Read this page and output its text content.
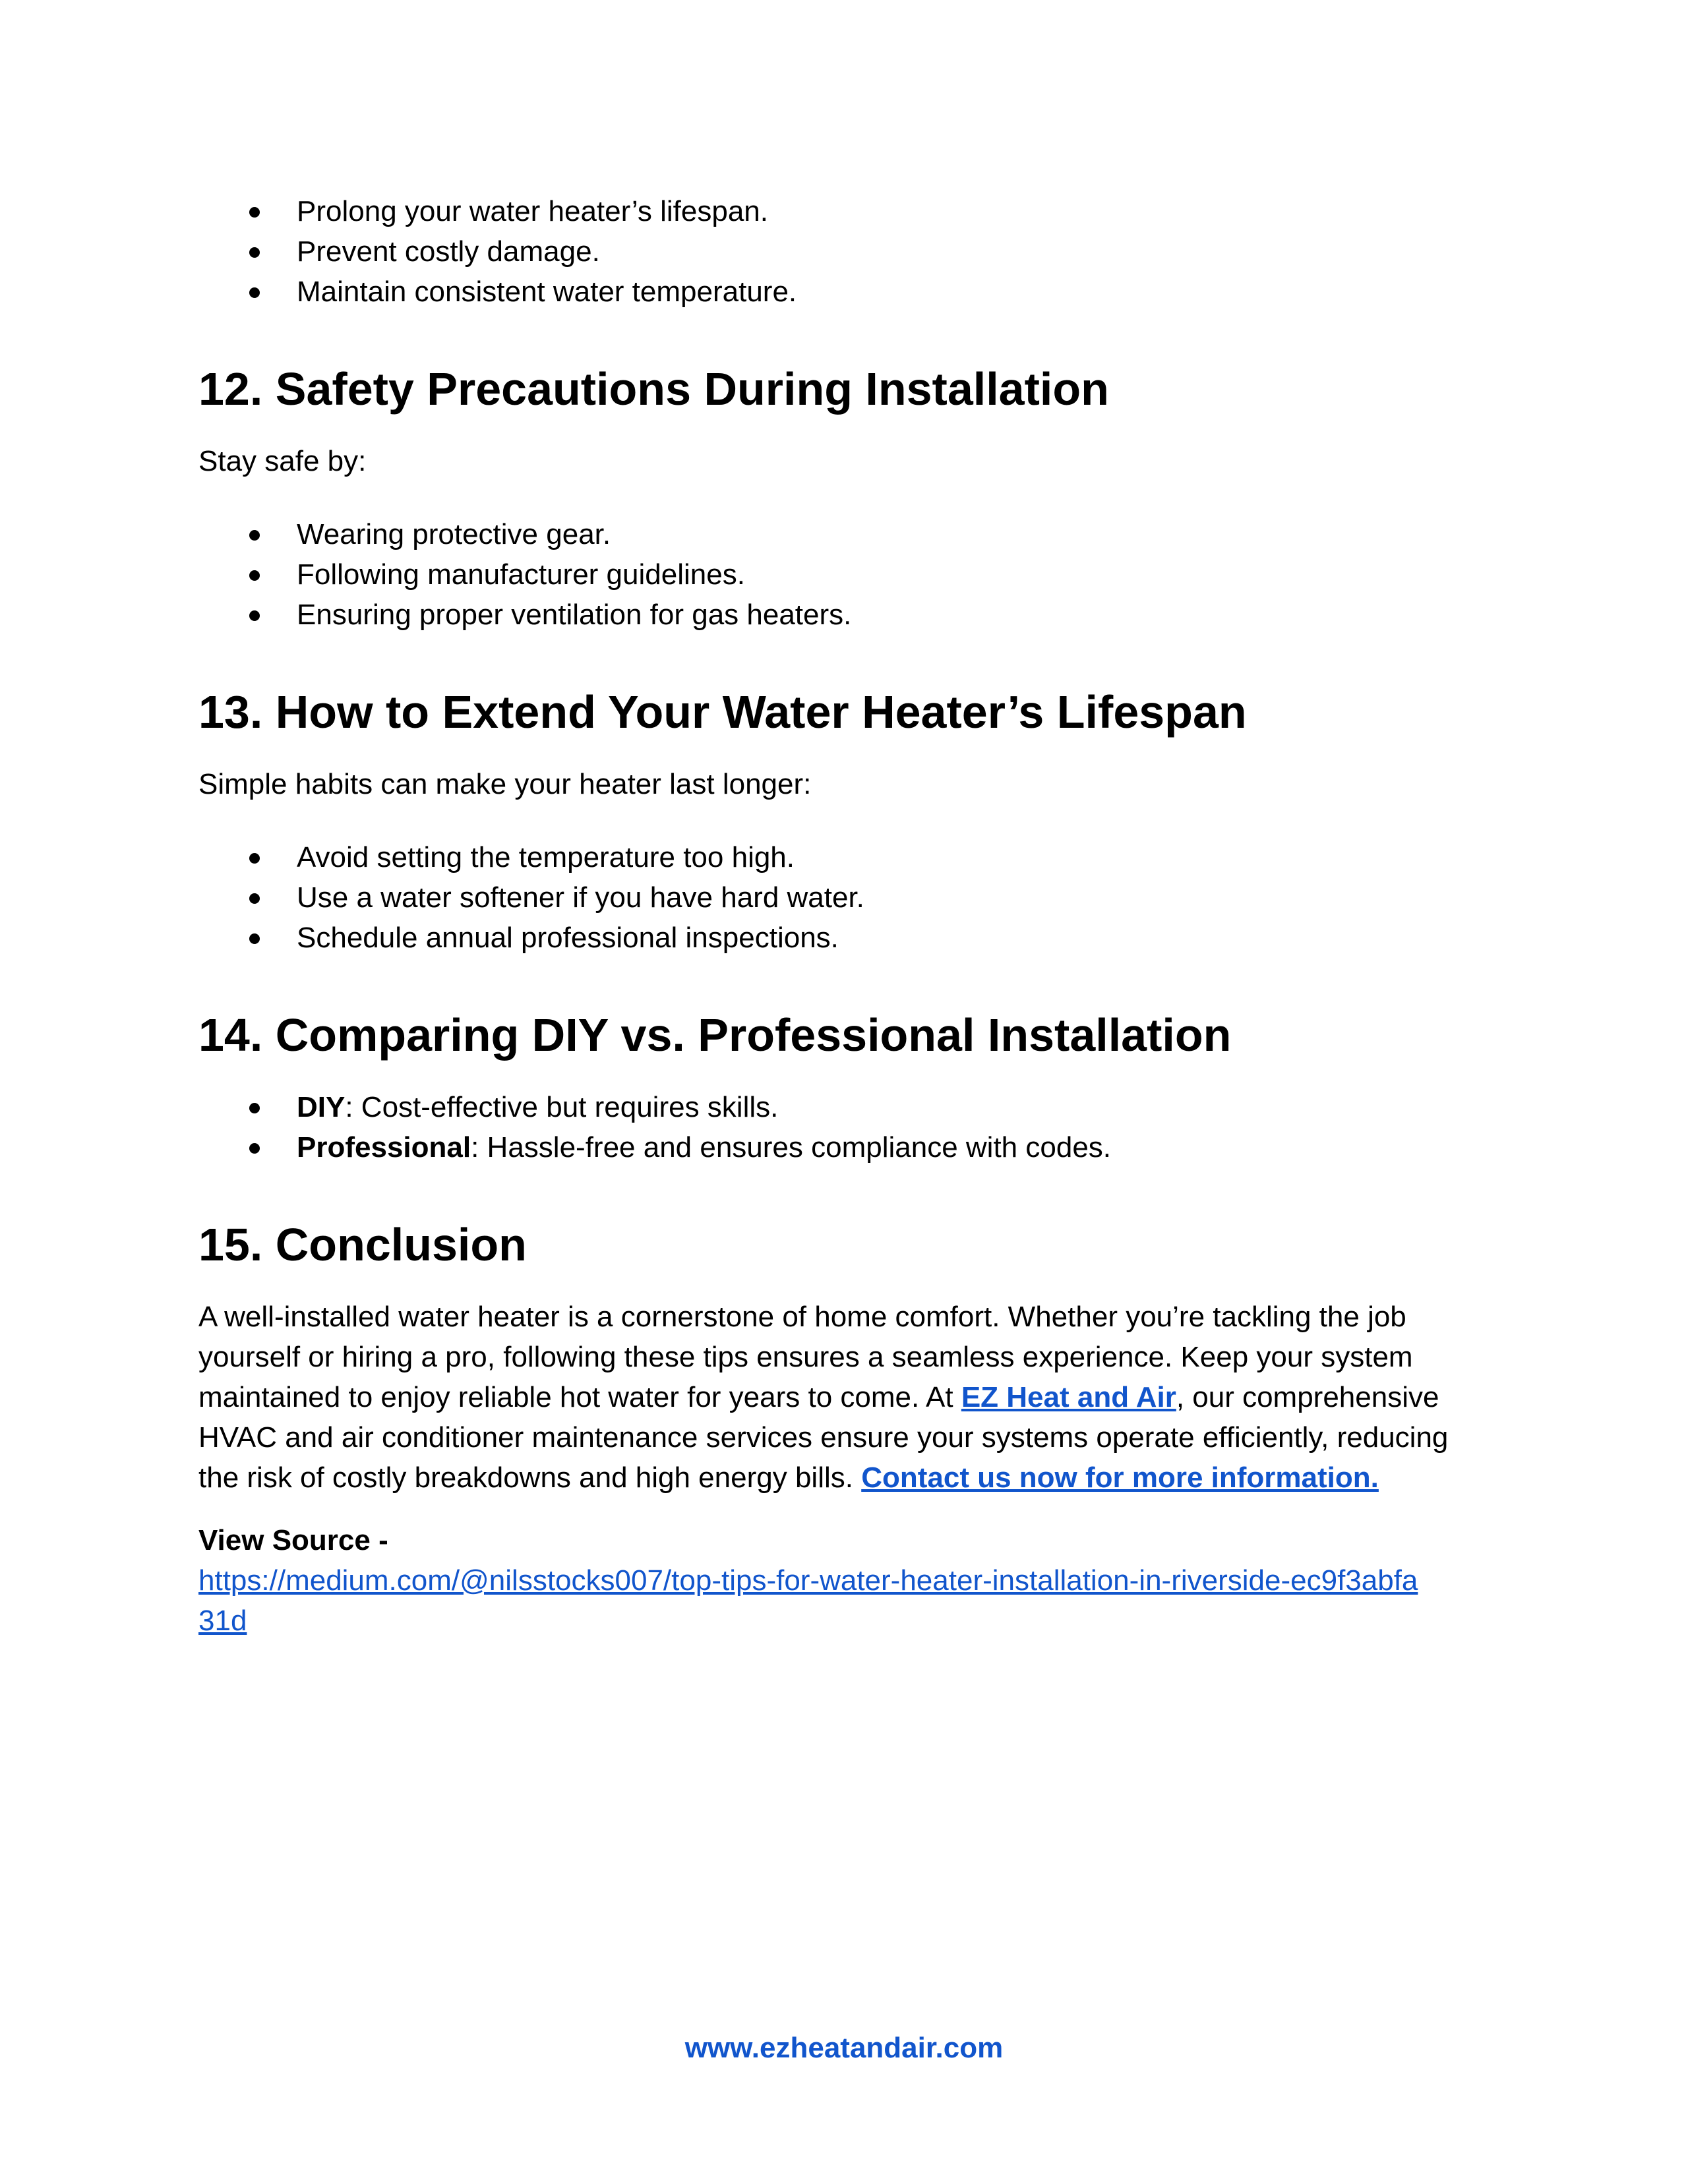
Prolong your water heater’s lifespan.
Prevent costly damage.
Maintain consistent water temperature.
12. Safety Precautions During Installation

Stay safe by:

Wearing protective gear.
Following manufacturer guidelines.
Ensuring proper ventilation for gas heaters.
13. How to Extend Your Water Heater’s Lifespan

Simple habits can make your heater last longer:

Avoid setting the temperature too high.
Use a water softener if you have hard water.
Schedule annual professional inspections.
14. Comparing DIY vs. Professional Installation
DIY: Cost-effective but requires skills.
Professional: Hassle-free and ensures compliance with codes.
15. Conclusion

A well-installed water heater is a cornerstone of home comfort. Whether you’re tackling the job yourself or hiring a pro, following these tips ensures a seamless experience. Keep your system maintained to enjoy reliable hot water for years to come. At EZ Heat and Air, our comprehensive HVAC and air conditioner maintenance services ensure your systems operate efficiently, reducing the risk of costly breakdowns and high energy bills. Contact us now for more information.

View Source -

https://medium.com/@nilsstocks007/top-tips-for-water-heater-installation-in-riverside-ec9f3abfa
31d

www.ezheatandair.com
